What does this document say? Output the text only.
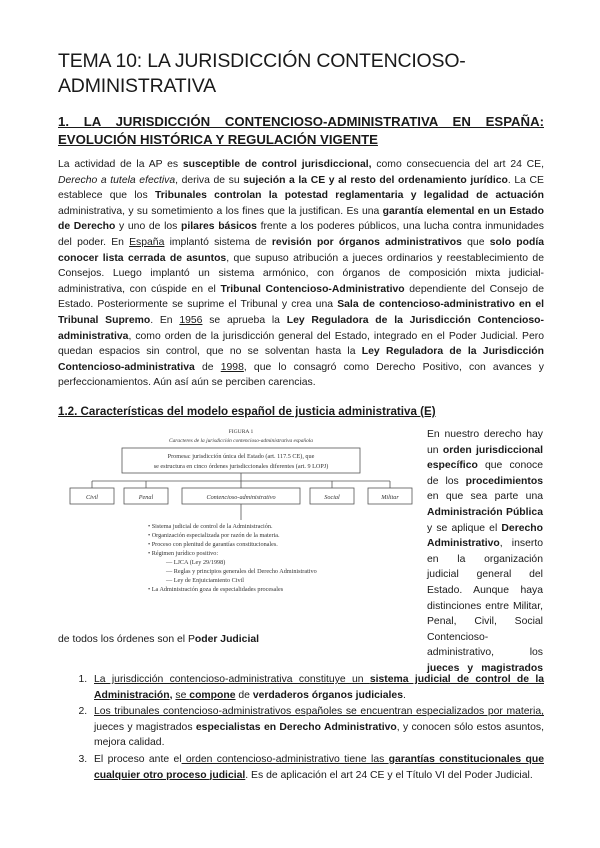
TEMA 10: LA JURISDICCIÓN CONTENCIOSO-ADMINISTRATIVA
1. LA JURISDICCIÓN CONTENCIOSO-ADMINISTRATIVA EN ESPAÑA: EVOLUCIÓN HISTÓRICA Y REGULACIÓN VIGENTE

La actividad de la AP es susceptible de control jurisdiccional, como consecuencia del art 24 CE, Derecho a tutela efectiva, deriva de su sujeción a la CE y al resto del ordenamiento jurídico. La CE establece que los Tribunales controlan la potestad reglamentaria y legalidad de actuación administrativa, y su sometimiento a los fines que la justifican. Es una garantía elemental en un Estado de Derecho y uno de los pilares básicos frente a los poderes públicos, una lucha contra inmunidades del poder. En España implantó sistema de revisión por órganos administrativos que solo podía conocer lista cerrada de asuntos, que supuso atribución a jueces ordinarios y reestablecimiento de Consejos. Luego implantó un sistema armónico, con órganos de composición mixta judicial-administrativa, con cúspide en el Tribunal Contencioso-Administrativo dependiente del Consejo de Estado. Posteriormente se suprime el Tribunal y crea una Sala de contencioso-administrativo en el Tribunal Supremo. En 1956 se aprueba la Ley Reguladora de la Jurisdicción Contencioso-administrativa, como orden de la jurisdicción general del Estado, integrado en el Poder Judicial. Pero quedan espacios sin control, que no se solventan hasta la Ley Reguladora de la Jurisdicción Contencioso-administrativa de 1998, que lo consagró como Derecho Positivo, con avances y perfeccionamientos. Aún así aún se perciben carencias.

1.2. Características del modelo español de justicia administrativa (E)
FIGURA 1
Caracteres de la jurisdicción contencioso-administrativa española
Promesa: jurisdicción única del Estado (art. 117.5 CE), que
se estructura en cinco órdenes jurisdiccionales diferentes (art. 9 LOPJ)
Civil	Penal	Contencioso-administrativo	Social	Militar
• Sistema judicial de control de la Administración.
• Organización especializada por razón de la materia.
• Proceso con plenitud de garantías constitucionales.
• Régimen jurídico positivo:
— LJCA (Ley 29/1998)
— Reglas y principios generales del Derecho Administrativo
— Ley de Enjuiciamiento Civil
• La Administración goza de especialidades procesales

En nuestro derecho hay un orden jurisdiccional específico que conoce de los procedimientos en que sea parte una Administración Pública y se aplique el Derecho Administrativo, inserto en la organización judicial general del Estado. Aunque haya distinciones entre Militar, Penal, Civil, Social Contencioso-administrativo, los jueces y magistrados

de todos los órdenes son el Poder Judicial

1. La jurisdicción contencioso-administrativa constituye un sistema judicial de control de la Administración, se compone de verdaderos órganos judiciales.
2. Los tribunales contencioso-administrativos españoles se encuentran especializados por materia, jueces y magistrados especialistas en Derecho Administrativo, y conocen sólo estos asuntos, mejora calidad.
3. El proceso ante el orden contencioso-administrativo tiene las garantías constitucionales que cualquier otro proceso judicial. Es de aplicación el art 24 CE y el Título VI del Poder Judicial.
